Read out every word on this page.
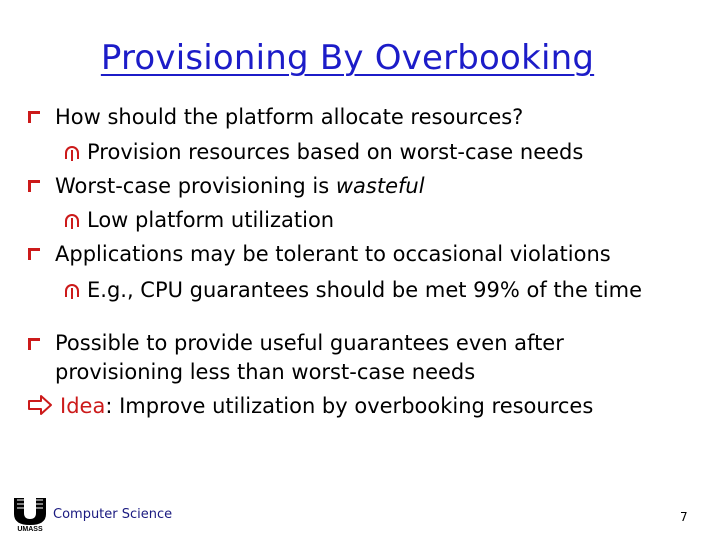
Provisioning By Overbooking
How should the platform allocate resources?
Provision resources based on worst-case needs
Worst-case provisioning is wasteful
Low platform utilization
Applications may be tolerant to occasional violations
E.g., CPU guarantees should be met 99% of the time
Possible to provide useful guarantees even after
provisioning less than worst-case needs
Idea: Improve utilization by overbooking resources
UMASS
Computer Science	7
